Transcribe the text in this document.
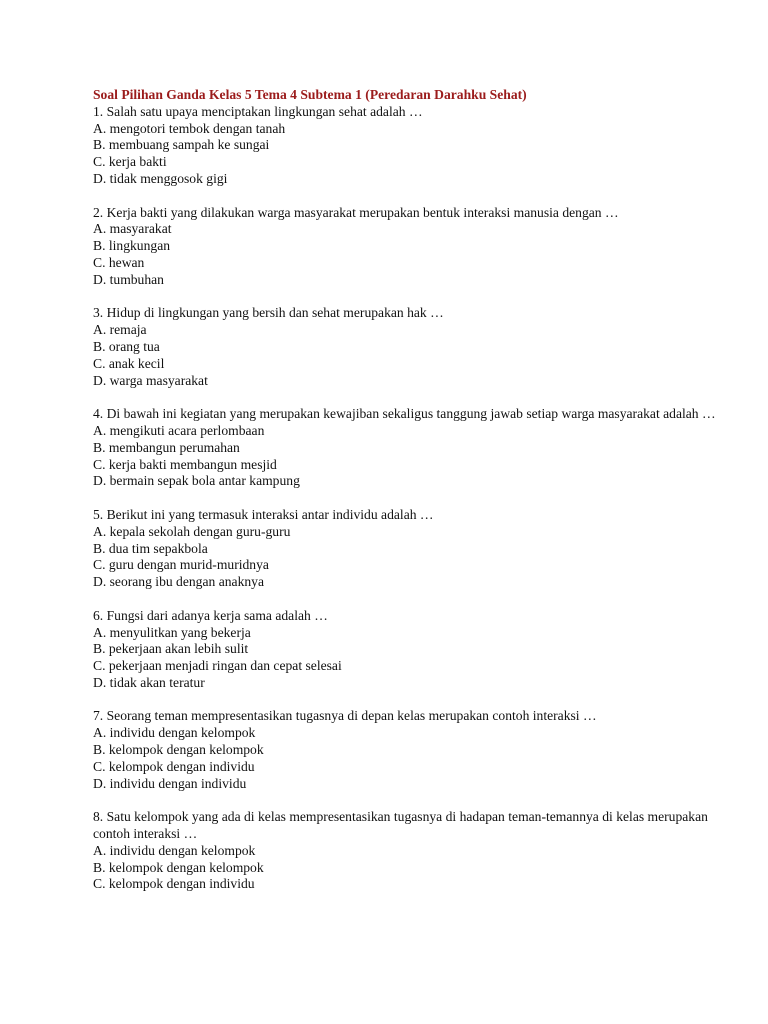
Soal Pilihan Ganda Kelas 5 Tema 4 Subtema 1 (Peredaran Darahku Sehat)

1. Salah satu upaya menciptakan lingkungan sehat adalah …

A. mengotori tembok dengan tanah
B. membuang sampah ke sungai
C. kerja bakti
D. tidak menggosok gigi

2. Kerja bakti yang dilakukan warga masyarakat merupakan bentuk interaksi manusia dengan …

A. masyarakat
B. lingkungan
C. hewan
D. tumbuhan

3. Hidup di lingkungan yang bersih dan sehat merupakan hak …

A. remaja
B. orang tua
C. anak kecil
D. warga masyarakat

4. Di bawah ini kegiatan yang merupakan kewajiban sekaligus tanggung jawab setiap warga masyarakat adalah …

A. mengikuti acara perlombaan
B. membangun perumahan
C. kerja bakti membangun mesjid
D. bermain sepak bola antar kampung

5. Berikut ini yang termasuk interaksi antar individu adalah …

A. kepala sekolah dengan guru-guru
B. dua tim sepakbola
C. guru dengan murid-muridnya
D. seorang ibu dengan anaknya

6. Fungsi dari adanya kerja sama adalah …

A. menyulitkan yang bekerja
B. pekerjaan akan lebih sulit
C. pekerjaan menjadi ringan dan cepat selesai
D. tidak akan teratur

7. Seorang teman mempresentasikan tugasnya di depan kelas merupakan contoh interaksi …

A. individu dengan kelompok
B. kelompok dengan kelompok
C. kelompok dengan individu
D. individu dengan individu

8. Satu kelompok yang ada di kelas mempresentasikan tugasnya di hadapan teman-temannya di kelas merupakan contoh interaksi …

A. individu dengan kelompok
B. kelompok dengan kelompok
C. kelompok dengan individu
